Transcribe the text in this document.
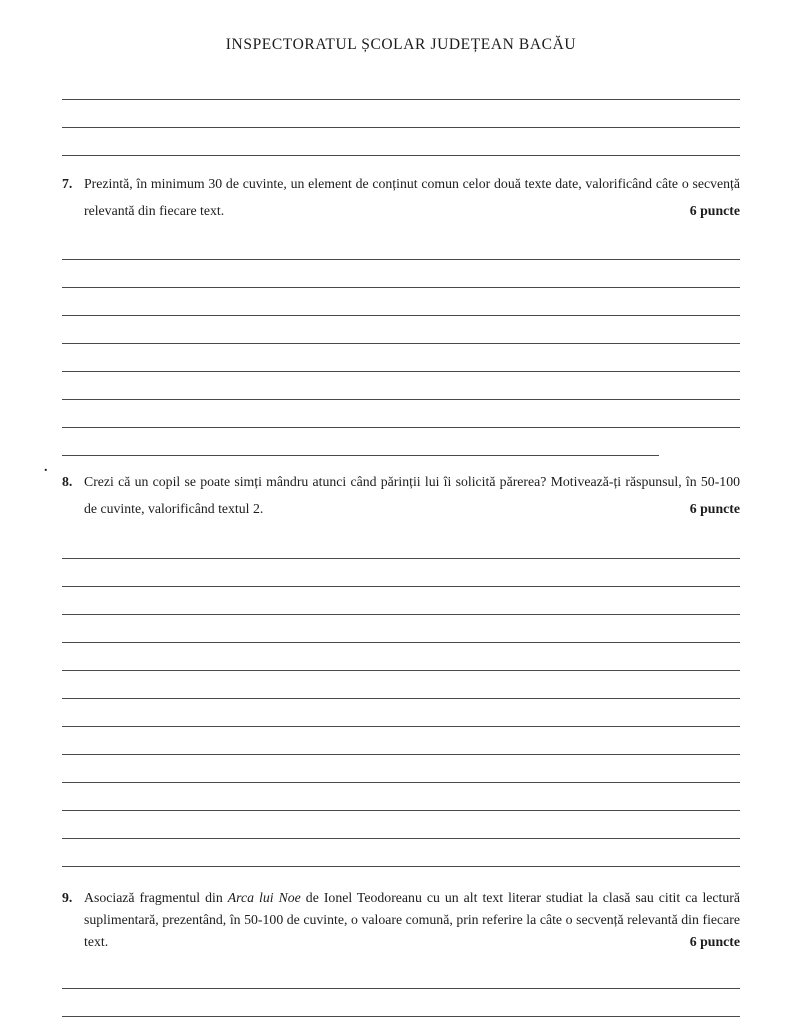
INSPECTORATUL ȘCOLAR JUDEȚEAN BACĂU
.
7. Prezintă, în minimum 30 de cuvinte, un element de conținut comun celor două texte date, valorificând câte o secvență relevantă din fiecare text.	6 puncte
8. Crezi că un copil se poate simți mândru atunci când părinții lui îi solicită părerea? Motivează-ți răspunsul, în 50-100 de cuvinte, valorificând textul 2.	6 puncte
9. Asociază fragmentul din Arca lui Noe de Ionel Teodoreanu cu un alt text literar studiat la clasă sau citit ca lectură suplimentară, prezentând, în 50-100 de cuvinte, o valoare comună, prin referire la câte o secvență relevantă din fiecare text.	6 puncte
